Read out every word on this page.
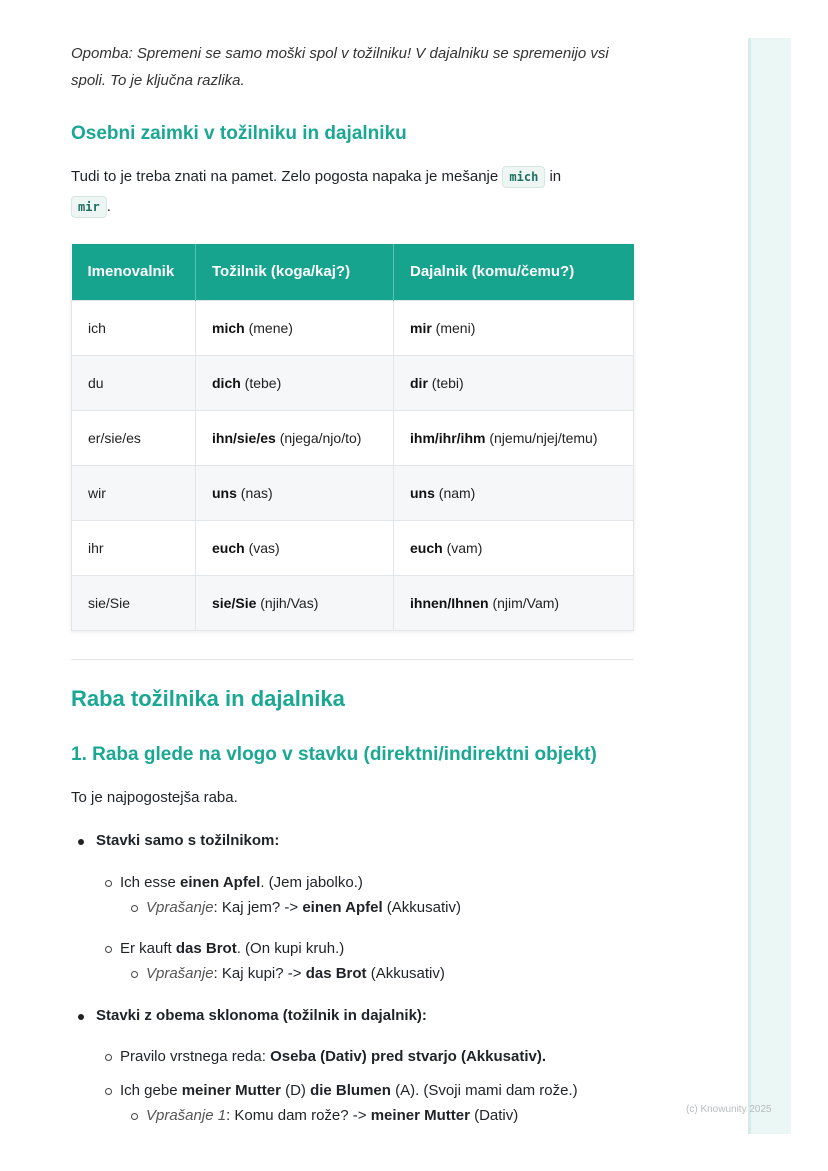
Opomba: Spremeni se samo moški spol v tožilniku! V dajalniku se spremenijo vsi spoli. To je ključna razlika.

Osebni zaimki v tožilniku in dajalniku

Tudi to je treba znati na pamet. Zelo pogosta napaka je mešanje mich in
mir .

Imenovalnik	Tožilnik (koga/kaj?)	Dajalnik (komu/čemu?)
ich	mich (mene)	mir (meni)
du	dich (tebe)	dir (tebi)
er/sie/es	ihn/sie/es (njega/njo/to)	ihm/ihr/ihm (njemu/njej/temu)
wir	uns (nas)	uns (nam)
ihr	euch (vas)	euch (vam)
sie/Sie	sie/Sie (njih/Vas)	ihnen/Ihnen (njim/Vam)
Raba tožilnika in dajalnika
1. Raba glede na vlogo v stavku (direktni/indirektni objekt)

To je najpogostejša raba.

Stavki samo s tožilnikom:
Ich esse einen Apfel. (Jem jabolko.)
Vprašanje: Kaj jem? -> einen Apfel (Akkusativ)
Er kauft das Brot. (On kupi kruh.)
Vprašanje: Kaj kupi? -> das Brot (Akkusativ)
Stavki z obema sklonoma (tožilnik in dajalnik):
Pravilo vrstnega reda: Oseba (Dativ) pred stvarjo (Akkusativ).
Ich gebe meiner Mutter (D) die Blumen (A). (Svoji mami dam rože.)
Vprašanje 1: Komu dam rože? -> meiner Mutter (Dativ)	(c) Knowunity 2025
